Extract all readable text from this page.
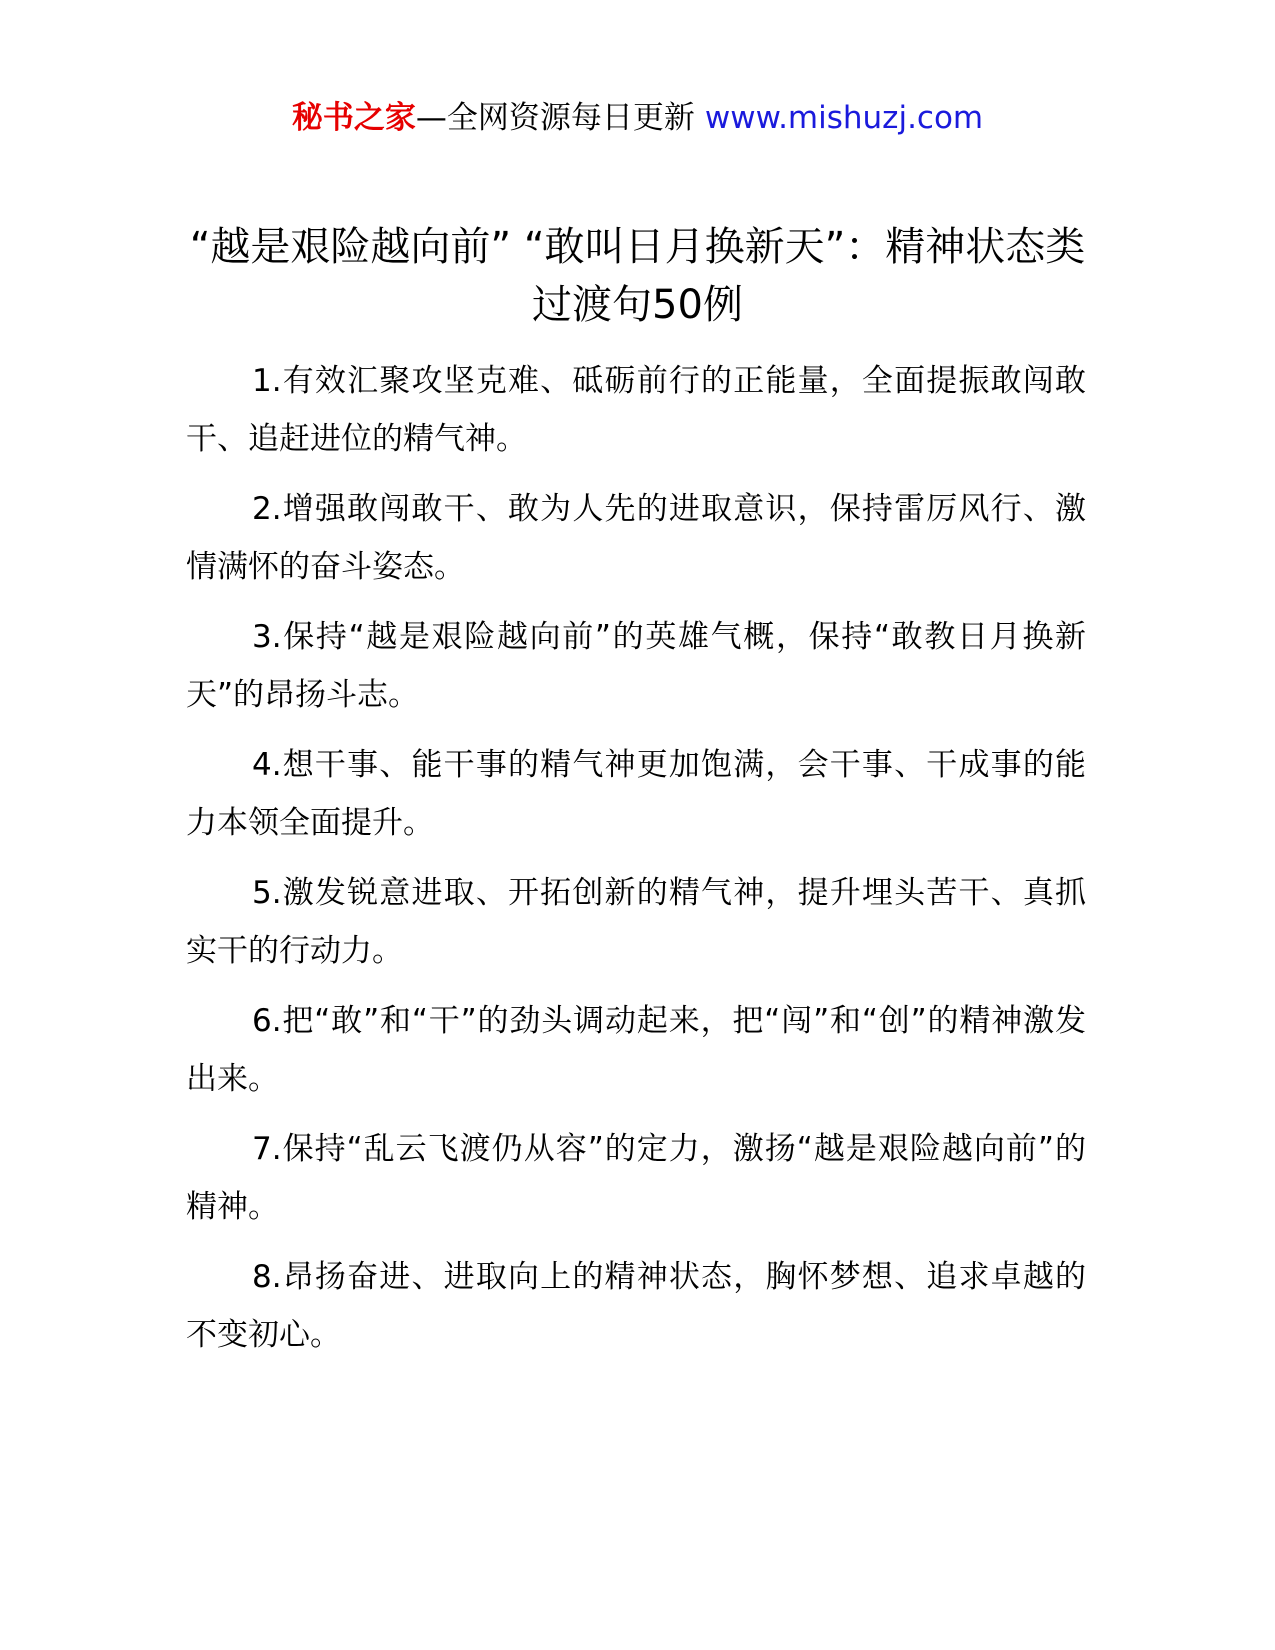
秘书之家—全网资源每日更新 www.mishuzj.com
“越是艰险越向前” “敢叫日月换新天”：精神状态类过渡句50例

1.有效汇聚攻坚克难、砥砺前行的正能量，全面提振敢闯敢干、追赶进位的精气神。

2.增强敢闯敢干、敢为人先的进取意识，保持雷厉风行、激情满怀的奋斗姿态。

3.保持“越是艰险越向前”的英雄气概，保持“敢教日月换新天”的昂扬斗志。

4.想干事、能干事的精气神更加饱满，会干事、干成事的能力本领全面提升。

5.激发锐意进取、开拓创新的精气神，提升埋头苦干、真抓实干的行动力。

6.把“敢”和“干”的劲头调动起来，把“闯”和“创”的精神激发出来。

7.保持“乱云飞渡仍从容”的定力，激扬“越是艰险越向前”的精神。

8.昂扬奋进、进取向上的精神状态，胸怀梦想、追求卓越的不变初心。
